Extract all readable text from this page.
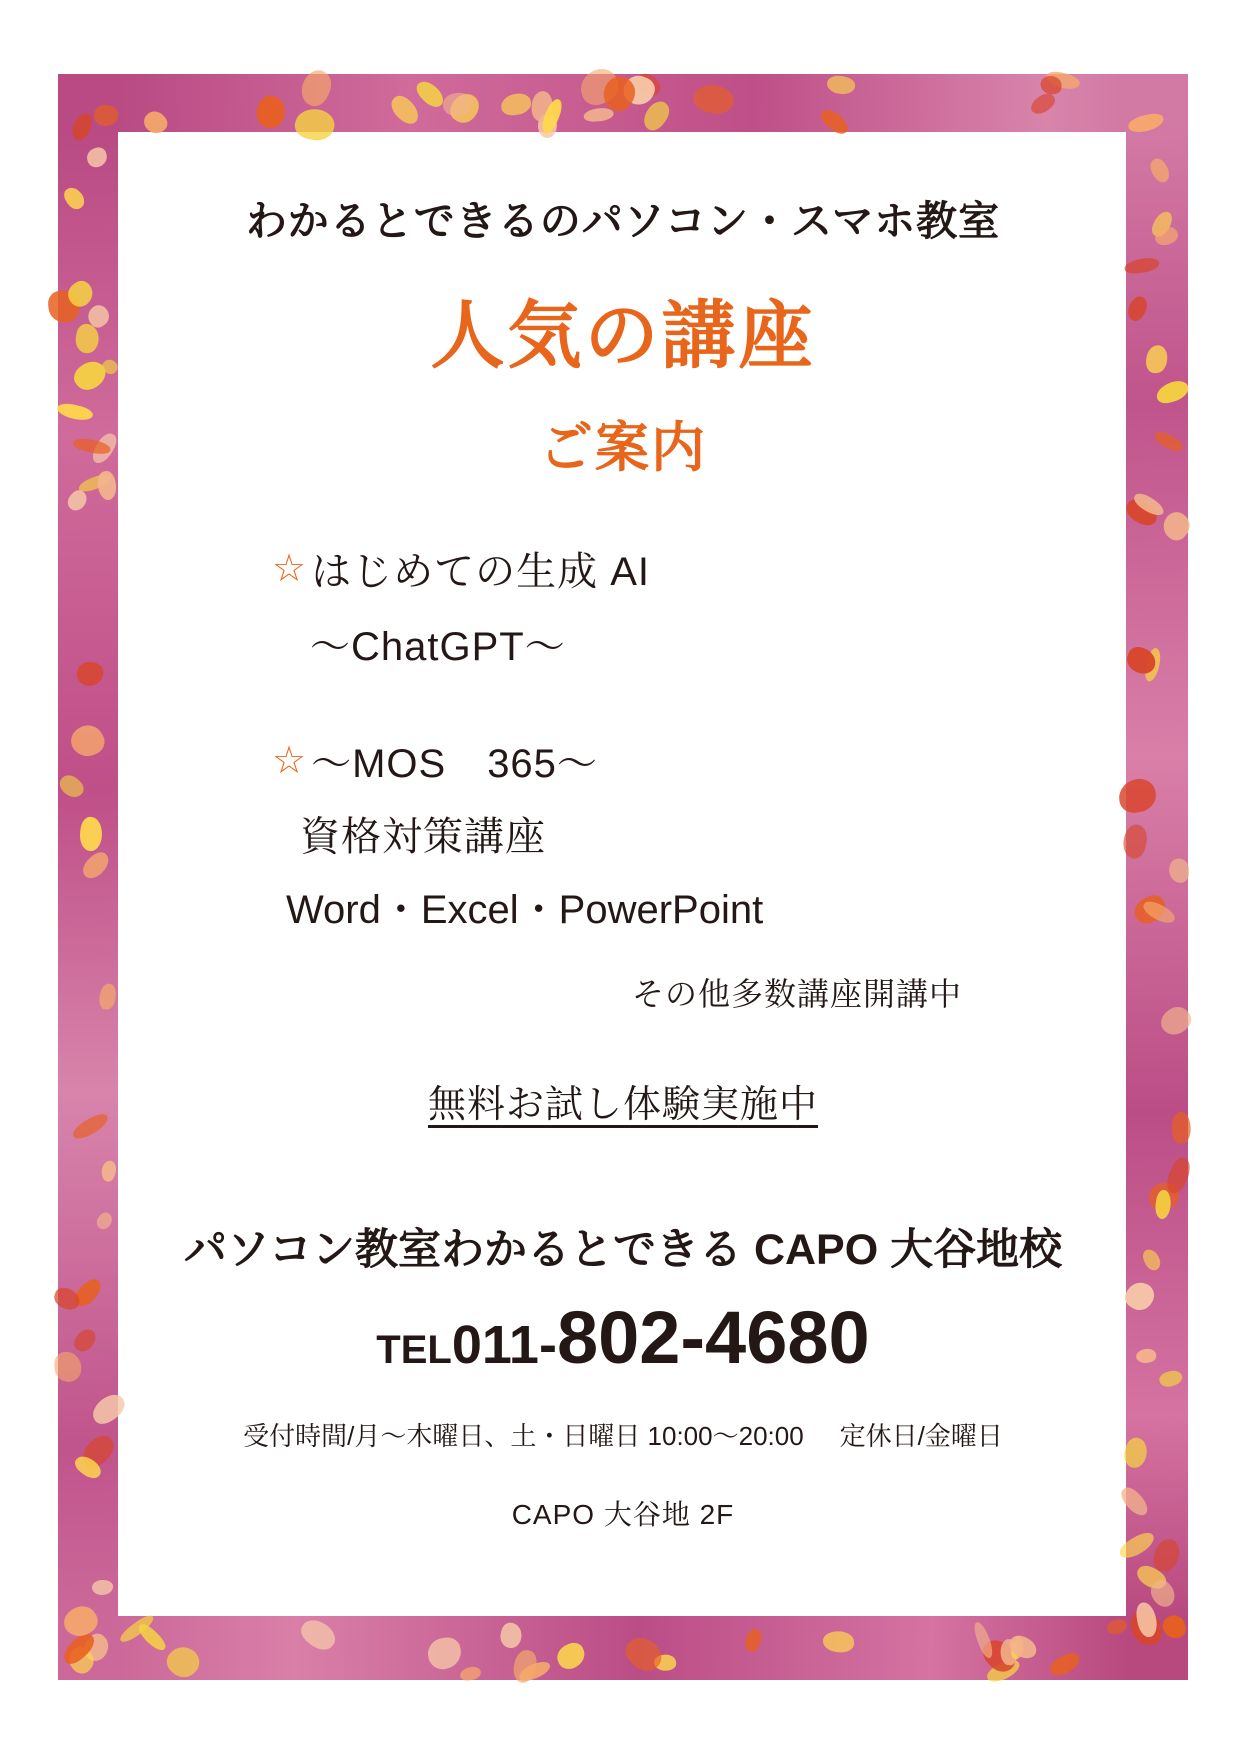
わかるとできるのパソコン・スマホ教室
人気の講座
ご案内
☆ はじめての生成 AI
〜ChatGPT〜
☆ 〜MOS　365〜
資格対策講座
Word・Excel・PowerPoint
その他多数講座開講中
無料お試し体験実施中
パソコン教室わかるとできる CAPO 大谷地校
TEL 011- 802-4680
受付時間/月〜木曜日、土・日曜日 10:00〜20:00 定休日/金曜日
CAPO 大谷地 2F
